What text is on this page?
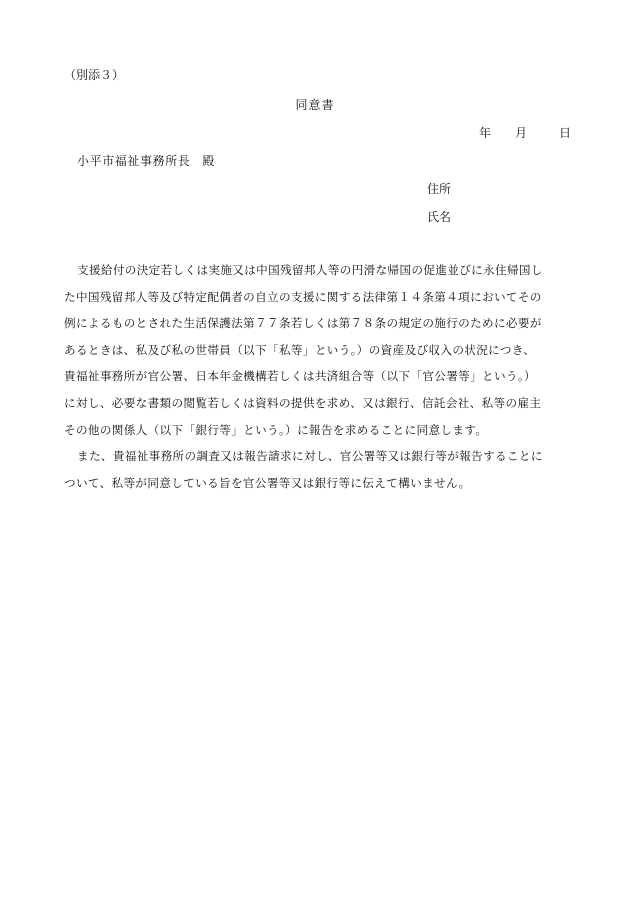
（別添３）
同意書
年 月	日
小平市福祉事務所長 殿
住所
氏名
支援給付の決定若しくは実施又は中国残留邦人等の円滑な帰国の促進並びに永住帰国し
た中国残留邦人等及び特定配偶者の自立の支援に関する法律第１４条第４項においてその
例によるものとされた生活保護法第７７条若しくは第７８条の規定の施行のために必要が
あるときは、私及び私の世帯員（以下「私等」という。）の資産及び収入の状況につき、
貴福祉事務所が官公署、日本年金機構若しくは共済組合等（以下「官公署等」という。）
に対し、必要な書類の閲覧若しくは資料の提供を求め、又は銀行、信託会社、私等の雇主
その他の関係人（以下「銀行等」という。）に報告を求めることに同意します。
また、貴福祉事務所の調査又は報告請求に対し、官公署等又は銀行等が報告することに
ついて、私等が同意している旨を官公署等又は銀行等に伝えて構いません。
